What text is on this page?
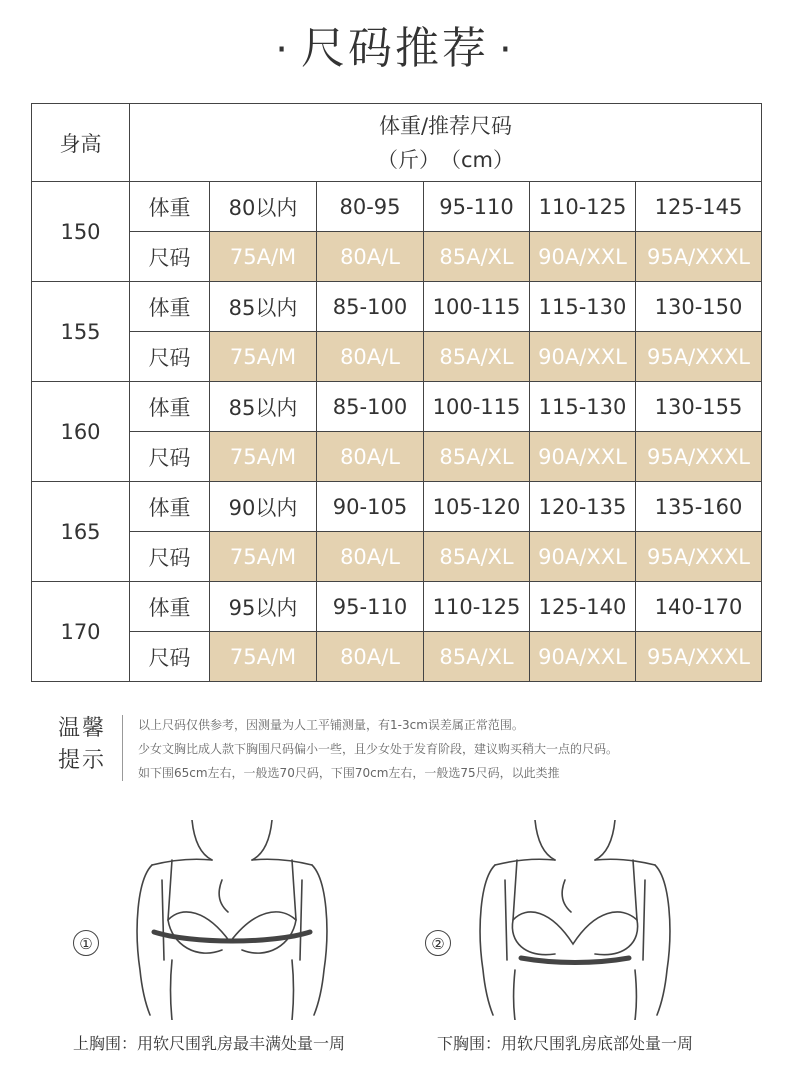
· 尺码推荐 ·
身高	体重/推荐尺码
（斤）　（cm）					

150	体重	80以内	80-95	95-110	110-125	125-145
	尺码	75A/M	80A/L	85A/XL	90A/XXL	95A/XXXL
155	体重	85以内	85-100	100-115	115-130	130-150
	尺码	75A/M	80A/L	85A/XL	90A/XXL	95A/XXXL
160	体重	85以内	85-100	100-115	115-130	130-155
	尺码	75A/M	80A/L	85A/XL	90A/XXL	95A/XXXL
165	体重	90以内	90-105	105-120	120-135	135-160
	尺码	75A/M	80A/L	85A/XL	90A/XXL	95A/XXXL
170	体重	95以内	95-110	110-125	125-140	140-170
	尺码	75A/M	80A/L	85A/XL	90A/XXL	95A/XXXL
温馨
提示
以上尺码仅供参考，因测量为人工平铺测量，有1-3cm误差属正常范围。
少女文胸比成人款下胸围尺码偏小一些，且少女处于发育阶段，建议购买稍大一点的尺码。
如下围65cm左右，一般选70尺码，下围70cm左右，一般选75尺码，以此类推
①
上胸围：用软尺围乳房最丰满处量一周
②
下胸围：用软尺围乳房底部处量一周
